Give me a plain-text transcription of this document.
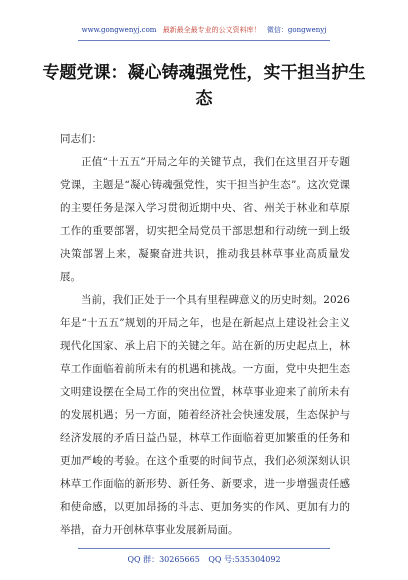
www.gongwenyj.com 最新最全最专业的公文资料库！ 微信：gongwenyj
专题党课：凝心铸魂强党性，实干担当护生态

同志们：

正值“十五五”开局之年的关键节点，我们在这里召开专题党课，主题是“凝心铸魂强党性，实干担当护生态”。这次党课的主要任务是深入学习贯彻近期中央、省、州关于林业和草原工作的重要部署，切实把全局党员干部思想和行动统一到上级决策部署上来，凝聚奋进共识，推动我县林草事业高质量发展。

当前，我们正处于一个具有里程碑意义的历史时刻。2026年是“十五五”规划的开局之年，也是在新起点上建设社会主义现代化国家、承上启下的关键之年。站在新的历史起点上，林草工作面临着前所未有的机遇和挑战。一方面，党中央把生态文明建设摆在全局工作的突出位置，林草事业迎来了前所未有的发展机遇；另一方面，随着经济社会快速发展，生态保护与经济发展的矛盾日益凸显，林草工作面临着更加繁重的任务和更加严峻的考验。在这个重要的时间节点，我们必须深刻认识林草工作面临的新形势、新任务、新要求，进一步增强责任感和使命感，以更加昂扬的斗志、更加务实的作风、更加有力的举措，奋力开创林草事业发展新局面。

QQ 群：30265665 QQ 号:535304092
